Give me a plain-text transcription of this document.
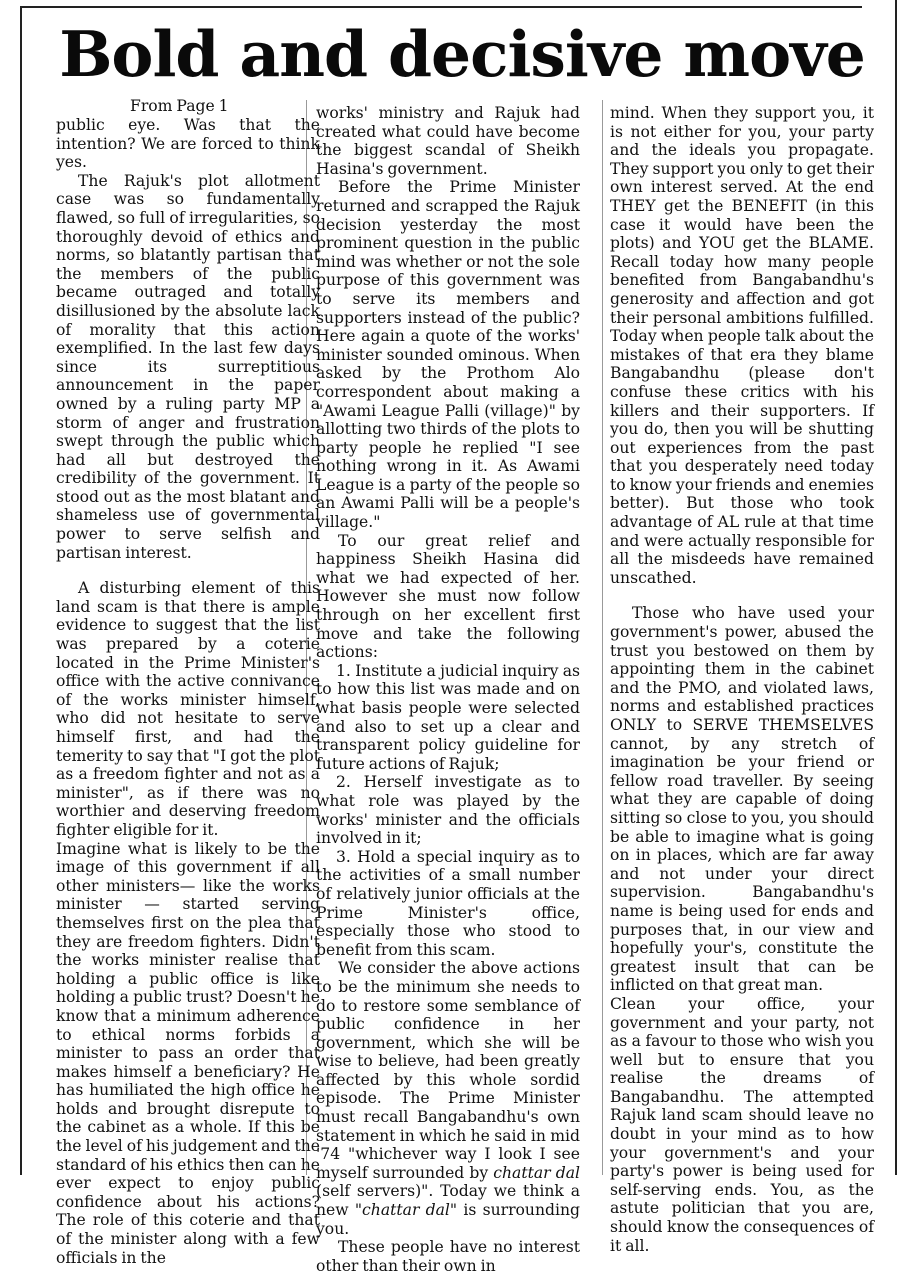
Bold and decisive move

From Page 1

public eye. Was that the intention? We are forced to think yes.

The Rajuk's plot allotment case was so fundamentally flawed, so full of irregularities, so thoroughly devoid of ethics and norms, so blatantly partisan that the members of the public became outraged and totally disillusioned by the absolute lack of morality that this action exemplified. In the last few days since its surreptitious announcement in the paper owned by a ruling party MP a storm of anger and frustration swept through the public which had all but destroyed the credibility of the government. It stood out as the most blatant and shameless use of governmental power to serve selfish and partisan interest.

A disturbing element of this land scam is that there is ample evidence to suggest that the list was prepared by a coterie located in the Prime Minister's office with the active connivance of the works minister himself, who did not hesitate to serve himself first, and had the temerity to say that "I got the plot as a freedom fighter and not as a minister", as if there was no worthier and deserving freedom fighter eligible for it.

Imagine what is likely to be the image of this government if all other ministers— like the works minister — started serving themselves first on the plea that they are freedom fighters. Didn't the works minister realise that holding a public office is like holding a public trust? Doesn't he know that a minimum adherence to ethical norms forbids a minister to pass an order that makes himself a beneficiary? He has humiliated the high office he holds and brought disrepute to the cabinet as a whole. If this be the level of his judgement and the standard of his ethics then can he ever expect to enjoy public confidence about his actions? The role of this coterie and that of the minister along with a few officials in the

works' ministry and Rajuk had created what could have become the biggest scandal of Sheikh Hasina's government.

Before the Prime Minister returned and scrapped the Rajuk decision yesterday the most prominent question in the public mind was whether or not the sole purpose of this government was to serve its members and supporters instead of the public? Here again a quote of the works' minister sounded ominous. When asked by the Prothom Alo correspondent about making a "Awami League Palli (village)" by allotting two thirds of the plots to party people he replied "I see nothing wrong in it. As Awami League is a party of the people so an Awami Palli will be a people's village."

To our great relief and happiness Sheikh Hasina did what we had expected of her. However she must now follow through on her excellent first move and take the following actions:

1. Institute a judicial inquiry as to how this list was made and on what basis people were selected and also to set up a clear and transparent policy guideline for future actions of Rajuk;

2. Herself investigate as to what role was played by the works' minister and the officials involved in it;

3. Hold a special inquiry as to the activities of a small number of relatively junior officials at the Prime Minister's office, especially those who stood to benefit from this scam.

We consider the above actions to be the minimum she needs to do to restore some semblance of public confidence in her government, which she will be wise to believe, had been greatly affected by this whole sordid episode. The Prime Minister must recall Bangabandhu's own statement in which he said in mid '74 "whichever way I look I see myself surrounded by chattar dal (self servers)". Today we think a new "chattar dal" is surrounding you.

These people have no interest other than their own in

mind. When they support you, it is not either for you, your party and the ideals you propagate. They support you only to get their own interest served. At the end THEY get the BENEFIT (in this case it would have been the plots) and YOU get the BLAME. Recall today how many people benefited from Bangabandhu's generosity and affection and got their personal ambitions fulfilled. Today when people talk about the mistakes of that era they blame Bangabandhu (please don't confuse these critics with his killers and their supporters. If you do, then you will be shutting out experiences from the past that you desperately need today to know your friends and enemies better). But those who took advantage of AL rule at that time and were actually responsible for all the misdeeds have remained unscathed.

Those who have used your government's power, abused the trust you bestowed on them by appointing them in the cabinet and the PMO, and violated laws, norms and established practices ONLY to SERVE THEMSELVES cannot, by any stretch of imagination be your friend or fellow road traveller. By seeing what they are capable of doing sitting so close to you, you should be able to imagine what is going on in places, which are far away and not under your direct supervision. Bangabandhu's name is being used for ends and purposes that, in our view and hopefully your's, constitute the greatest insult that can be inflicted on that great man.

Clean your office, your government and your party, not as a favour to those who wish you well but to ensure that you realise the dreams of Bangabandhu. The attempted Rajuk land scam should leave no doubt in your mind as to how your government's and your party's power is being used for self-serving ends. You, as the astute politician that you are, should know the consequences of it all.
